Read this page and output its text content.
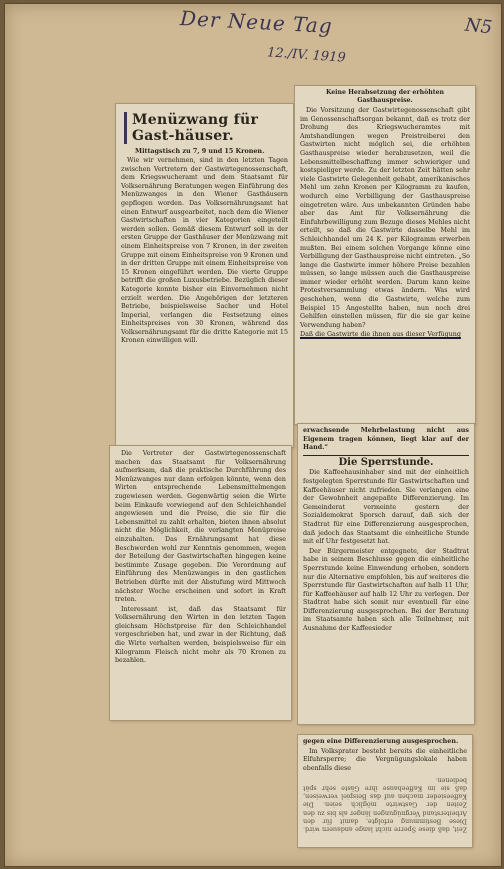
Der Neue Tag
12./IV. 1919
N5
Menüzwang für Gast-häuser.
Mittagstisch zu 7, 9 und 15 Kronen.

Wie wir vernehmen, sind in den letzten Tagen zwischen Vertretern der Gastwirtegenossenschaft, dem Kriegswucheramt und dem Staatsamt für Volksernährung Beratungen wegen Einführung des Menüzwanges in den Wiener Gasthäusern gepflogen worden. Das Volksernährungsamt hat einen Entwurf ausgearbeitet, nach dem die Wiener Gastwirtschaften in vier Kategorien eingeteilt werden sollen. Gemäß diesem Entwurf soll in der ersten Gruppe der Gasthäuser der Menüzwang mit einem Einheitspreise von 7 Kronen, in der zweiten Gruppe mit einem Einheitspreise von 9 Kronen und in der dritten Gruppe mit einem Einheitspreise von 15 Kronen eingeführt werden. Die vierte Gruppe betrifft die großen Luxusbetriebe. Bezüglich dieser Kategorie konnte bisher ein Einvernehmen nicht erzielt werden. Die Angehörigen der letzteren Betriebe, beispielsweise Sacher und Hotel Imperial, verlangen die Festsetzung eines Einheitspreises von 30 Kronen, während das Volksernährungsamt für die dritte Kategorie mit 15 Kronen einwilligen will.

Die Vertreter der Gastwirtegenossenschaft machen das Staatsamt für Volksernährung aufmerksam, daß die praktische Durchführung des Menüzwanges nur dann erfolgen könnte, wenn den Wirten entsprechende Lebensmittelmengen zugewiesen werden. Gegenwärtig seien die Wirte beim Einkaufe vorwiegend auf den Schleichhandel angewiesen und die Preise, die sie für die Lebensmittel zu zahlt erhalten, bieten ihnen absolut nicht die Möglichkeit, die verlangten Menüpreise einzuhalten. Das Ernährungsamt hat diese Beschwerden wohl zur Kenntnis genommen, wegen der Beteilung der Gastwirtschaften hingegen keine bestimmte Zusage gegeben. Die Verordnung auf Einführung des Menüzwanges in den gastlichen Betrieben dürfte mit der Abstufung wird Mittwoch nächster Woche erscheinen und sofort in Kraft treten.

Interessant ist, daß das Staatsamt für Volksernährung den Wirten in den letzten Tagen gleichsam Höchstpreise für den Schleichhandel vorgeschrieben hat, und zwar in der Richtung, daß die Wirte verhalten werden, beispielsweise für ein Kilogramm Fleisch nicht mehr als 70 Kronen zu bezahlen.

Keine Herabsetzung der erhöhten Gasthauspreise.

Die Vorsitzung der Gastwirtegenossenschaft gibt im Genossenschaftsorgan bekannt, daß es trotz der Drohung des Kriegswucheramtes mit Amtshandlungen wegen Preistreiberei den Gastwirten nicht möglich sei, die erhöhten Gasthauspreise wieder herabzusetzen, weil die Lebensmittelbeschaffung immer schwieriger und kostspieliger werde. Zu der letzten Zeit hätten sehr viele Gastwirte Gelegenheit gehabt, amerikanisches Mehl um zehn Kronen per Kilogramm zu kaufen, wodurch eine Verbilligung der Gasthauspreise eingetreten wäre. Aus unbekannten Gründen habe aber das Amt für Volksernährung die Einfuhrbewilligung zum Bezuge dieses Mehles nicht erteilt, so daß die Gastwirte dasselbe Mehl im Schleichhandel um 24 K. per Kilogramm erwerben mußten. Bei einem solchen Vorgange könne eine Verbilligung der Gasthauspreise nicht eintreten. „So lange die Gastwirte immer höhere Preise bezahlen müssen, so lange müssen auch die Gasthauspreise immer wieder erhöht werden. Darum kann keine Protestversammlung etwas ändern. Was wird geschehen, wenn die Gastwirte, welche zum Beispiel 15 Angestellte haben, nun noch drei Gehilfen einstellen müssen, für die sie gar keine Verwendung haben?

Daß die Gastwirte die ihnen aus dieser Verfügung

erwachsende Mehrbelastung nicht aus Eigenem tragen können, liegt klar auf der Hand.“

Die Sperrstunde.

Die Kaffeehausinhaber sind mit der einheitlich festgelegten Sperrstunde für Gastwirtschaften und Kaffeehäuser nicht zufrieden. Sie verlangen eine der Gewohnheit angepaßte Differenzierung. Im Gemeinderat vermeinte gestern der Sozialdemokrat Sporsch darauf, daß sich der Stadtrat für eine Differenzierung ausgesprochen, daß jedoch das Staatsamt die einheitliche Stunde mit elf Uhr festgesetzt hat.

Der Bürgermeister entgegnete, der Stadtrat habe in seinem Beschlusse gegen die einheitliche Sperrstunde keine Einwendung erhoben, sondern nur die Alternative empfohlen, bis auf weiteres die Sperrstunde für Gastwirtschaften auf halb 11 Uhr, für Kaffeehäuser auf halb 12 Uhr zu verlegen. Der Stadtrat habe sich somit nur eventuell für eine Differenzierung ausgesprochen. Bei der Beratung im Staatsamte haben sich alle Teilnehmer, mit Ausnahme der Kaffeesieder

gegen eine Differenzierung ausgesprochen.

Im Volksprater besteht bereits die einheitliche Elfuhrsperre; die Vergnügungslokale haben ebenfalls diese

Zeit, daß diese Sperre nicht lange andauern wird. Diese Bestimmung erfolgte, damit für den Arbeiterstand Vergnügungen länger als bis zu den Zeiten der Gastwirte möglich seien. Die Kaffeesieder machen auf das Beispiel verweisen, daß sie im Kaffeehause ihre Gäste sehr spät bedienen.
